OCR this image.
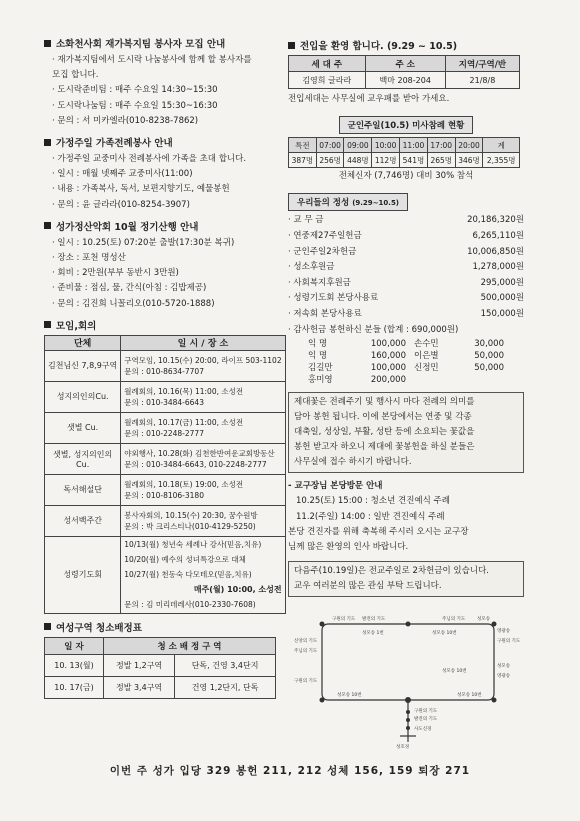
소화천사회 재가복지팀 봉사자 모집 안내
· 재가복지팀에서 도시락 나눔봉사에 함께 할 봉사자를
모집 합니다.
· 도시락준비팀 : 매주 수요일 14:30~15:30
· 도시락나눔팀 : 매주 수요일 15:30~16:30
· 문의 : 서 미카엘라(010-8238-7862)
가정주일 가족전례봉사 안내
· 가정주일 교중미사 전례봉사에 가족을 초대 합니다.
· 일시 : 매월 넷째주 교중미사(11:00)
· 내용 : 가족복사, 독서, 보편지향기도, 예물봉헌
· 문의 : 윤 글라라(010-8254-3907)
성가정산악회 10월 정기산행 안내
· 일시 : 10.25(토) 07:20분 출발(17:30분 복귀)
· 장소 : 포천 명성산
· 회비 : 2만원(부부 동반시 3만원)
· 준비물 : 점심, 물, 간식(아침 : 김밥제공)
· 문의 : 김진희 니꼴리오(010-5720-1888)
모임,회의
단체	일 시 / 장 소
김천님신 7,8,9구역	구역모임, 10.15(수) 20:00, 라이프 503-1102
문의 : 010-8634-7707

성지의인의Cu.	월례회의, 10.16(목) 11:00, 소성전
문의 : 010-3484-6643

샛별 Cu.	월례회의, 10.17(금) 11:00, 소성전
문의 : 010-2248-2777

샛별, 성지의인의 Cu.	야외행사, 10.28(화) 김천한반여운교회방동산
문의 : 010-3484-6643, 010-2248-2777

독서해설단	월례회의, 10.18(토) 19:00, 소성전
문의 : 010-8106-3180

성서백주간	봉사자회의, 10.15(수) 20:30, 꿈수원방
문의 : 박 크리스티나(010-4129-5250)

성령기도회	10/13(월) 청년숙 세례나 강사(믿음,치유)
10/20(월) 예수의 성녀특강으로 대체
10/27(월) 천동숙 다모테오(믿음,치유)
매주(월) 10:00, 소성전
문의 : 김 미리데레사(010-2330-7608)
여성구역 청소배정표
일 자	청 소 배 정 구 역	
10. 13(월)	정발 1,2구역	단독, 건영 3,4단지
10. 17(금)	정발 3,4구역	건영 1,2단지, 단독
전입을 환영 합니다. (9.29 ~ 10.5)
세 대 주	주 소	지역/구역/반
김영희 글라라	백마 208-204	21/8/8
전입세대는 사무실에 교우패를 받아 가세요.
군인주일(10.5) 미사참례 현황
특전	07:00	09:00	10:00	11:00	17:00	20:00	계
387명	256명	448명	112명	541명	265명	346명	2,355명
전체신자 (7,746명) 대비 30% 참석
우리들의 정성 (9.29~10.5)
· 교 무 금	20,186,320원
· 연중제27주일헌금	6,265,110원
· 군인주일2차헌금	10,006,850원
· 성소후원금	1,278,000원
· 사회복지후원금	295,000원
· 성령기도회 본당사용료	500,000원
· 저속회 본당사용료	150,000원
· 감사헌금 봉헌하신 분들 (합계 : 690,000원)
익 명	100,000 손수민	30,000
익 명	160,000 이은별	50,000
김길만	100,000 신정민	50,000
홍미영	200,000
제대꽃은 전례주기 및 행사시 마다 전례의 의미를
담아 봉헌 됩니다. 이에 본당에서는 연중 및 각종
대축일, 성상일, 부활, 성탄 등에 소요되는 꽃값을
봉헌 받고자 하오니 제대에 꽃봉헌을 하실 분들은
사무실에 접수 하시기 바랍니다.
- 교구장님 본당방문 안내
10.25(토) 15:00 : 청소년 견진예식 주례
11.2(주일) 14:00 : 일반 견진예식 주례
본당 견진자를 위해 축복해 주시러 오시는 교구장
님께 많은 환영의 인사 바랍니다.
다음주(10.19일)은 전교주일로 2차헌금이 있습니다.
교우 여러분의 많은 관심 부탁 드립니다.
구원의 기도 발견의 기도	주님의 기도	성모송
영광송
구원의 기도
신앙의 기도
주님의 기도
성모송
영광송
구원의 기도
성모송 1번	성모송 10번
성모송 10번	성모송 10번
성모송 10번
구원의 기도
발견의 기도
사도신경
성호경
이번 주 성가 입당 329 봉헌 211, 212 성체 156, 159 퇴장 271
